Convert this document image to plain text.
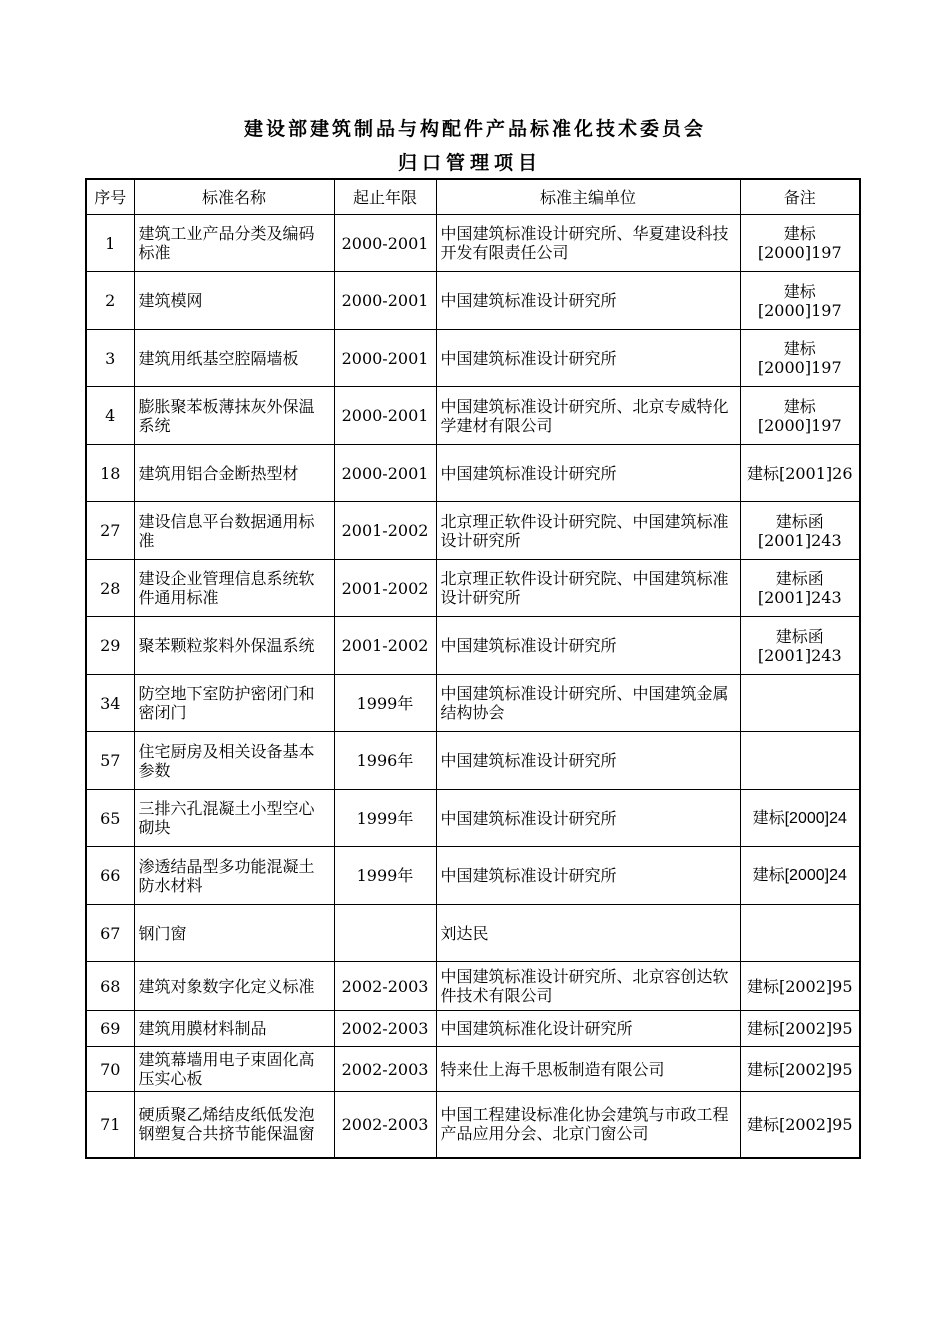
建设部建筑制品与构配件产品标准化技术委员会
归口管理项目
序号	标准名称	起止年限	标准主编单位	备注
1	建筑工业产品分类及编码标准	2000-2001	中国建筑标准设计研究所、华夏建设科技开发有限责任公司	建标[2000]197
2	建筑模网	2000-2001	中国建筑标准设计研究所	建标[2000]197
3	建筑用纸基空腔隔墙板	2000-2001	中国建筑标准设计研究所	建标[2000]197
4	膨胀聚苯板薄抹灰外保温系统	2000-2001	中国建筑标准设计研究所、北京专威特化学建材有限公司	建标[2000]197
18	建筑用铝合金断热型材	2000-2001	中国建筑标准设计研究所	建标[2001]26
27	建设信息平台数据通用标准	2001-2002	北京理正软件设计研究院、中国建筑标准设计研究所	建标函[2001]243
28	建设企业管理信息系统软件通用标准	2001-2002	北京理正软件设计研究院、中国建筑标准设计研究所	建标函[2001]243
29	聚苯颗粒浆料外保温系统	2001-2002	中国建筑标准设计研究所	建标函[2001]243
34	防空地下室防护密闭门和密闭门	1999年	中国建筑标准设计研究所、中国建筑金属结构协会	
57	住宅厨房及相关设备基本参数	1996年	中国建筑标准设计研究所	
65	三排六孔混凝土小型空心砌块	1999年	中国建筑标准设计研究所	建标[2000]24
66	渗透结晶型多功能混凝土防水材料	1999年	中国建筑标准设计研究所	建标[2000]24
67	钢门窗		刘达民	
68	建筑对象数字化定义标准	2002-2003	中国建筑标准设计研究所、北京容创达软件技术有限公司	建标[2002]95
69	建筑用膜材料制品	2002-2003	中国建筑标准化设计研究所	建标[2002]95
70	建筑幕墙用电子束固化高压实心板	2002-2003	特来仕上海千思板制造有限公司	建标[2002]95
71	硬质聚乙烯结皮纸低发泡钢塑复合共挤节能保温窗	2002-2003	中国工程建设标准化协会建筑与市政工程产品应用分会、北京门窗公司	建标[2002]95
